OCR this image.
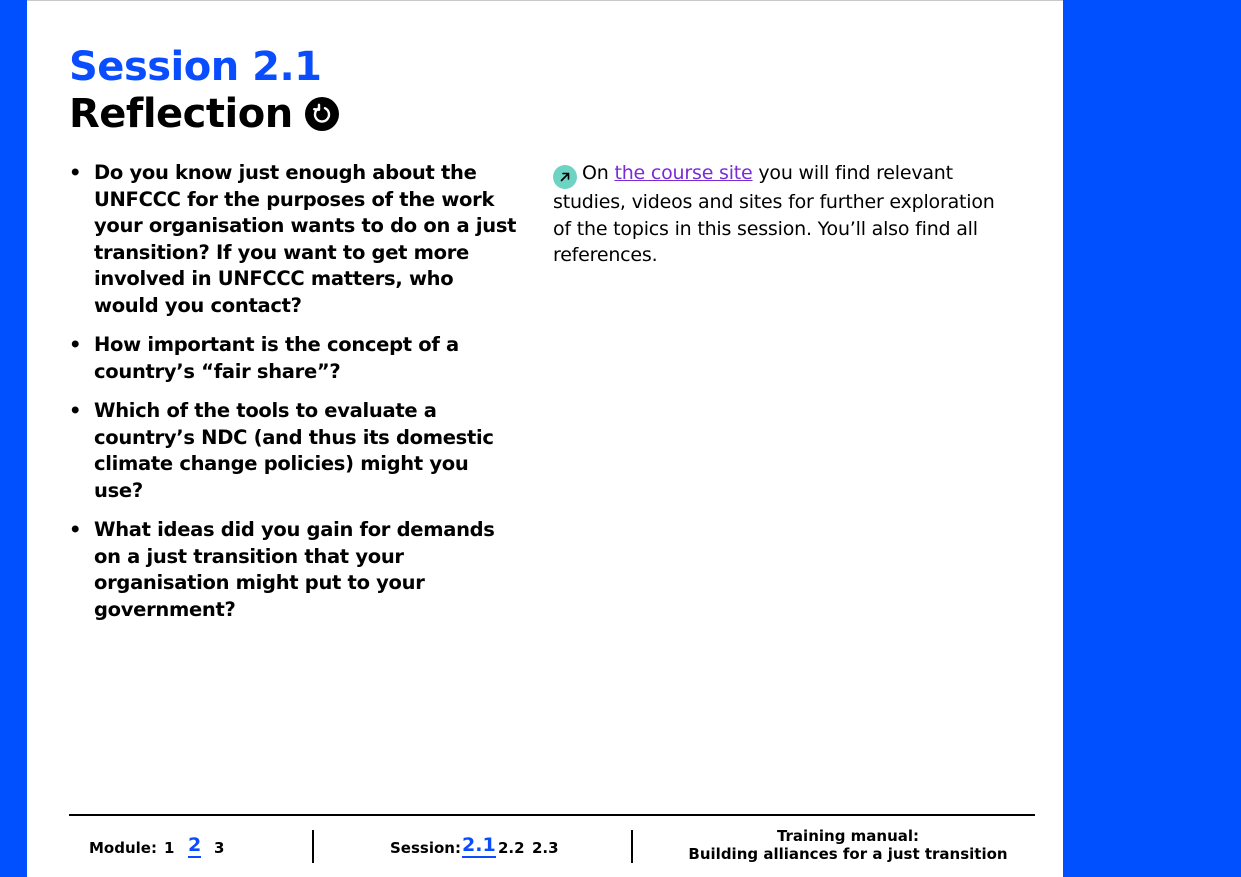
Session 2.1
Reflection
• Do you know just enough about the UNFCCC for the purposes of the work your organisation wants to do on a just transition? If you want to get more involved in UNFCCC matters, who would you contact?
• How important is the concept of a country’s “fair share”?
• Which of the tools to evaluate a country’s NDC (and thus its domestic climate change policies) might you use?
• What ideas did you gain for demands on a just transition that your organisation might put to your government?

On the course site you will find relevant studies, videos and sites for further exploration of the topics in this session. You’ll also find all references.

Module: 1 2 3	Session: 2.1 2.2 2.3
Training manual:
Building alliances for a just transition
